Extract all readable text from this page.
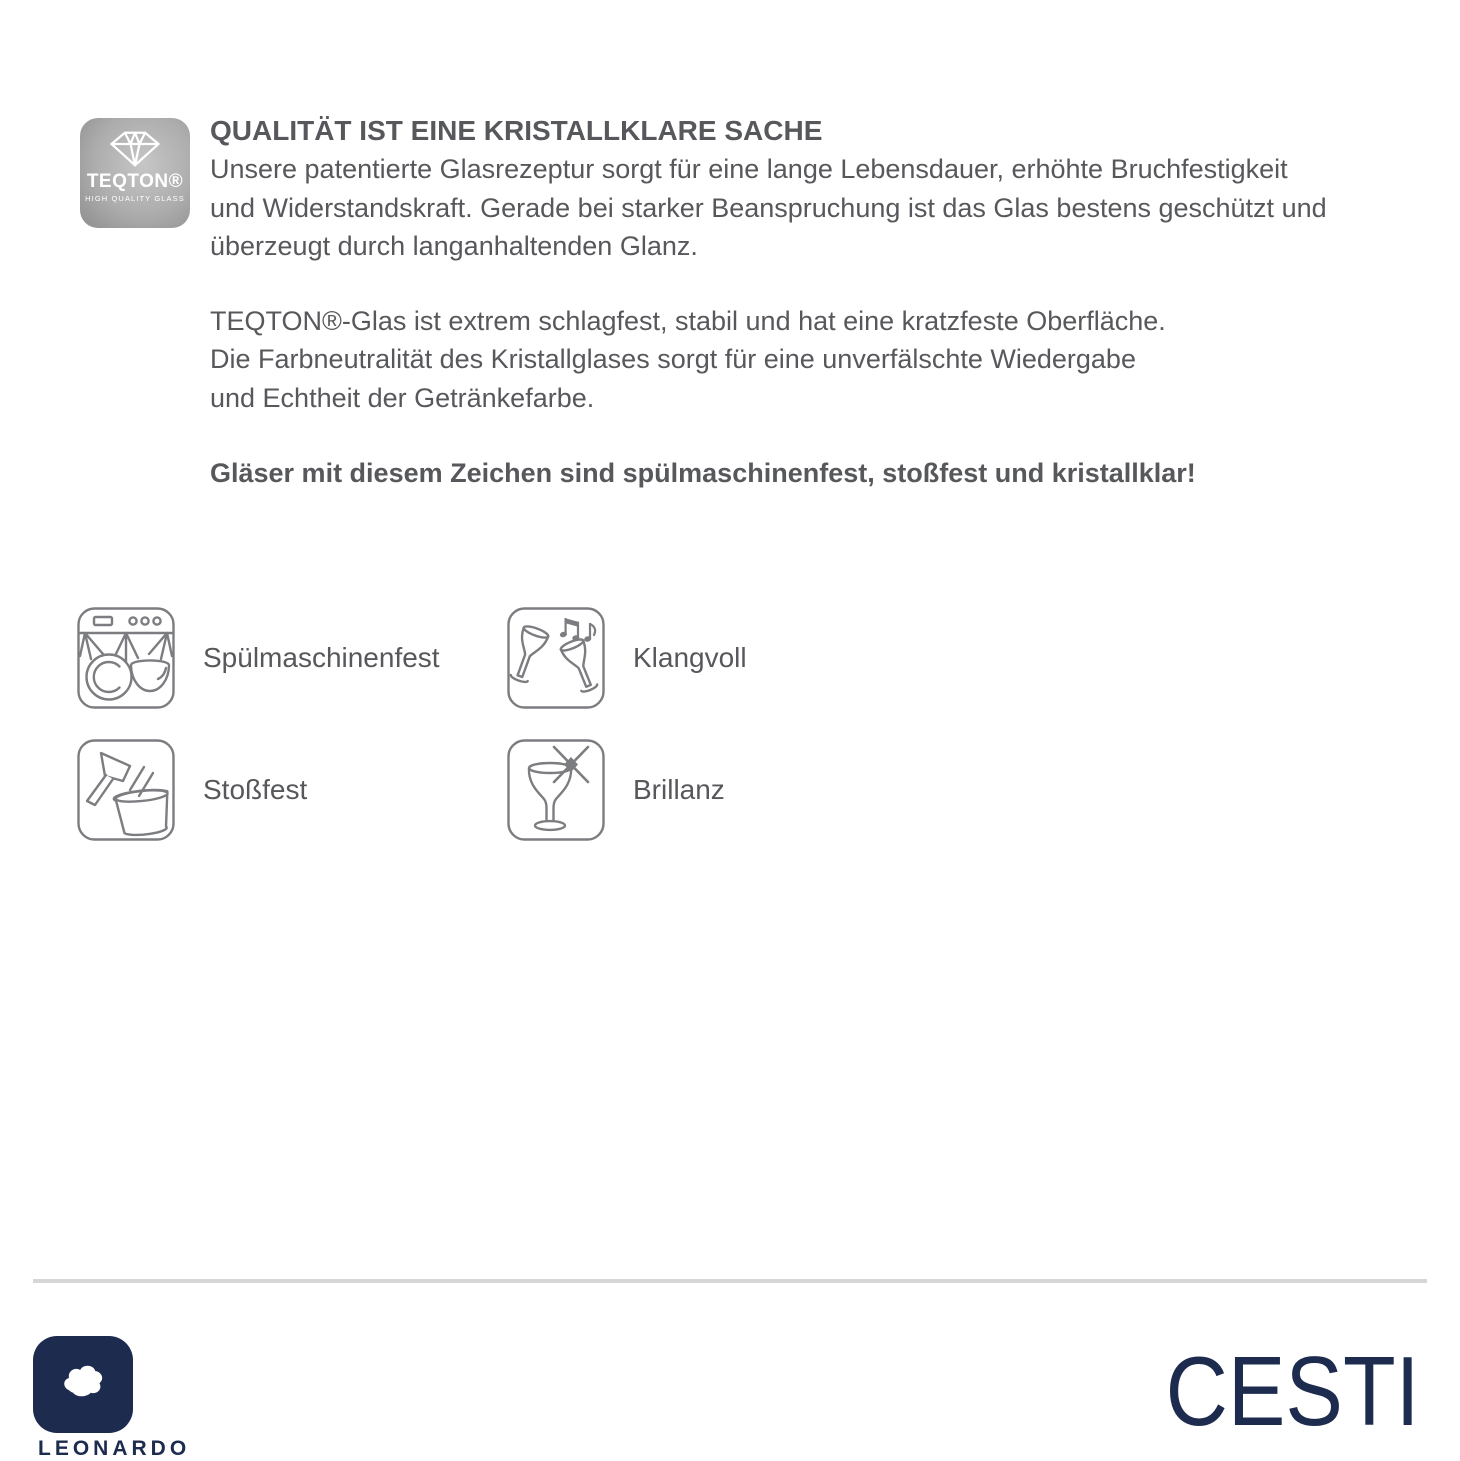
TEQTON®
HIGH QUALITY GLASS
QUALITÄT IST EINE KRISTALLKLARE SACHE
Unsere patentierte Glasrezeptur sorgt für eine lange Lebensdauer, erhöhte Bruchfestigkeit
und Widerstandskraft. Gerade bei starker Beanspruchung ist das Glas bestens geschützt und
überzeugt durch langanhaltenden Glanz.
TEQTON®-Glas ist extrem schlagfest, stabil und hat eine kratzfeste Oberfläche.
Die Farbneutralität des Kristallglases sorgt für eine unverfälschte Wiedergabe
und Echtheit der Getränkefarbe.
Gläser mit diesem Zeichen sind spülmaschinenfest, stoßfest und kristallklar!
Spülmaschinenfest	Klangvoll
Stoßfest	Brillanz
LEONARDO
CESTI
